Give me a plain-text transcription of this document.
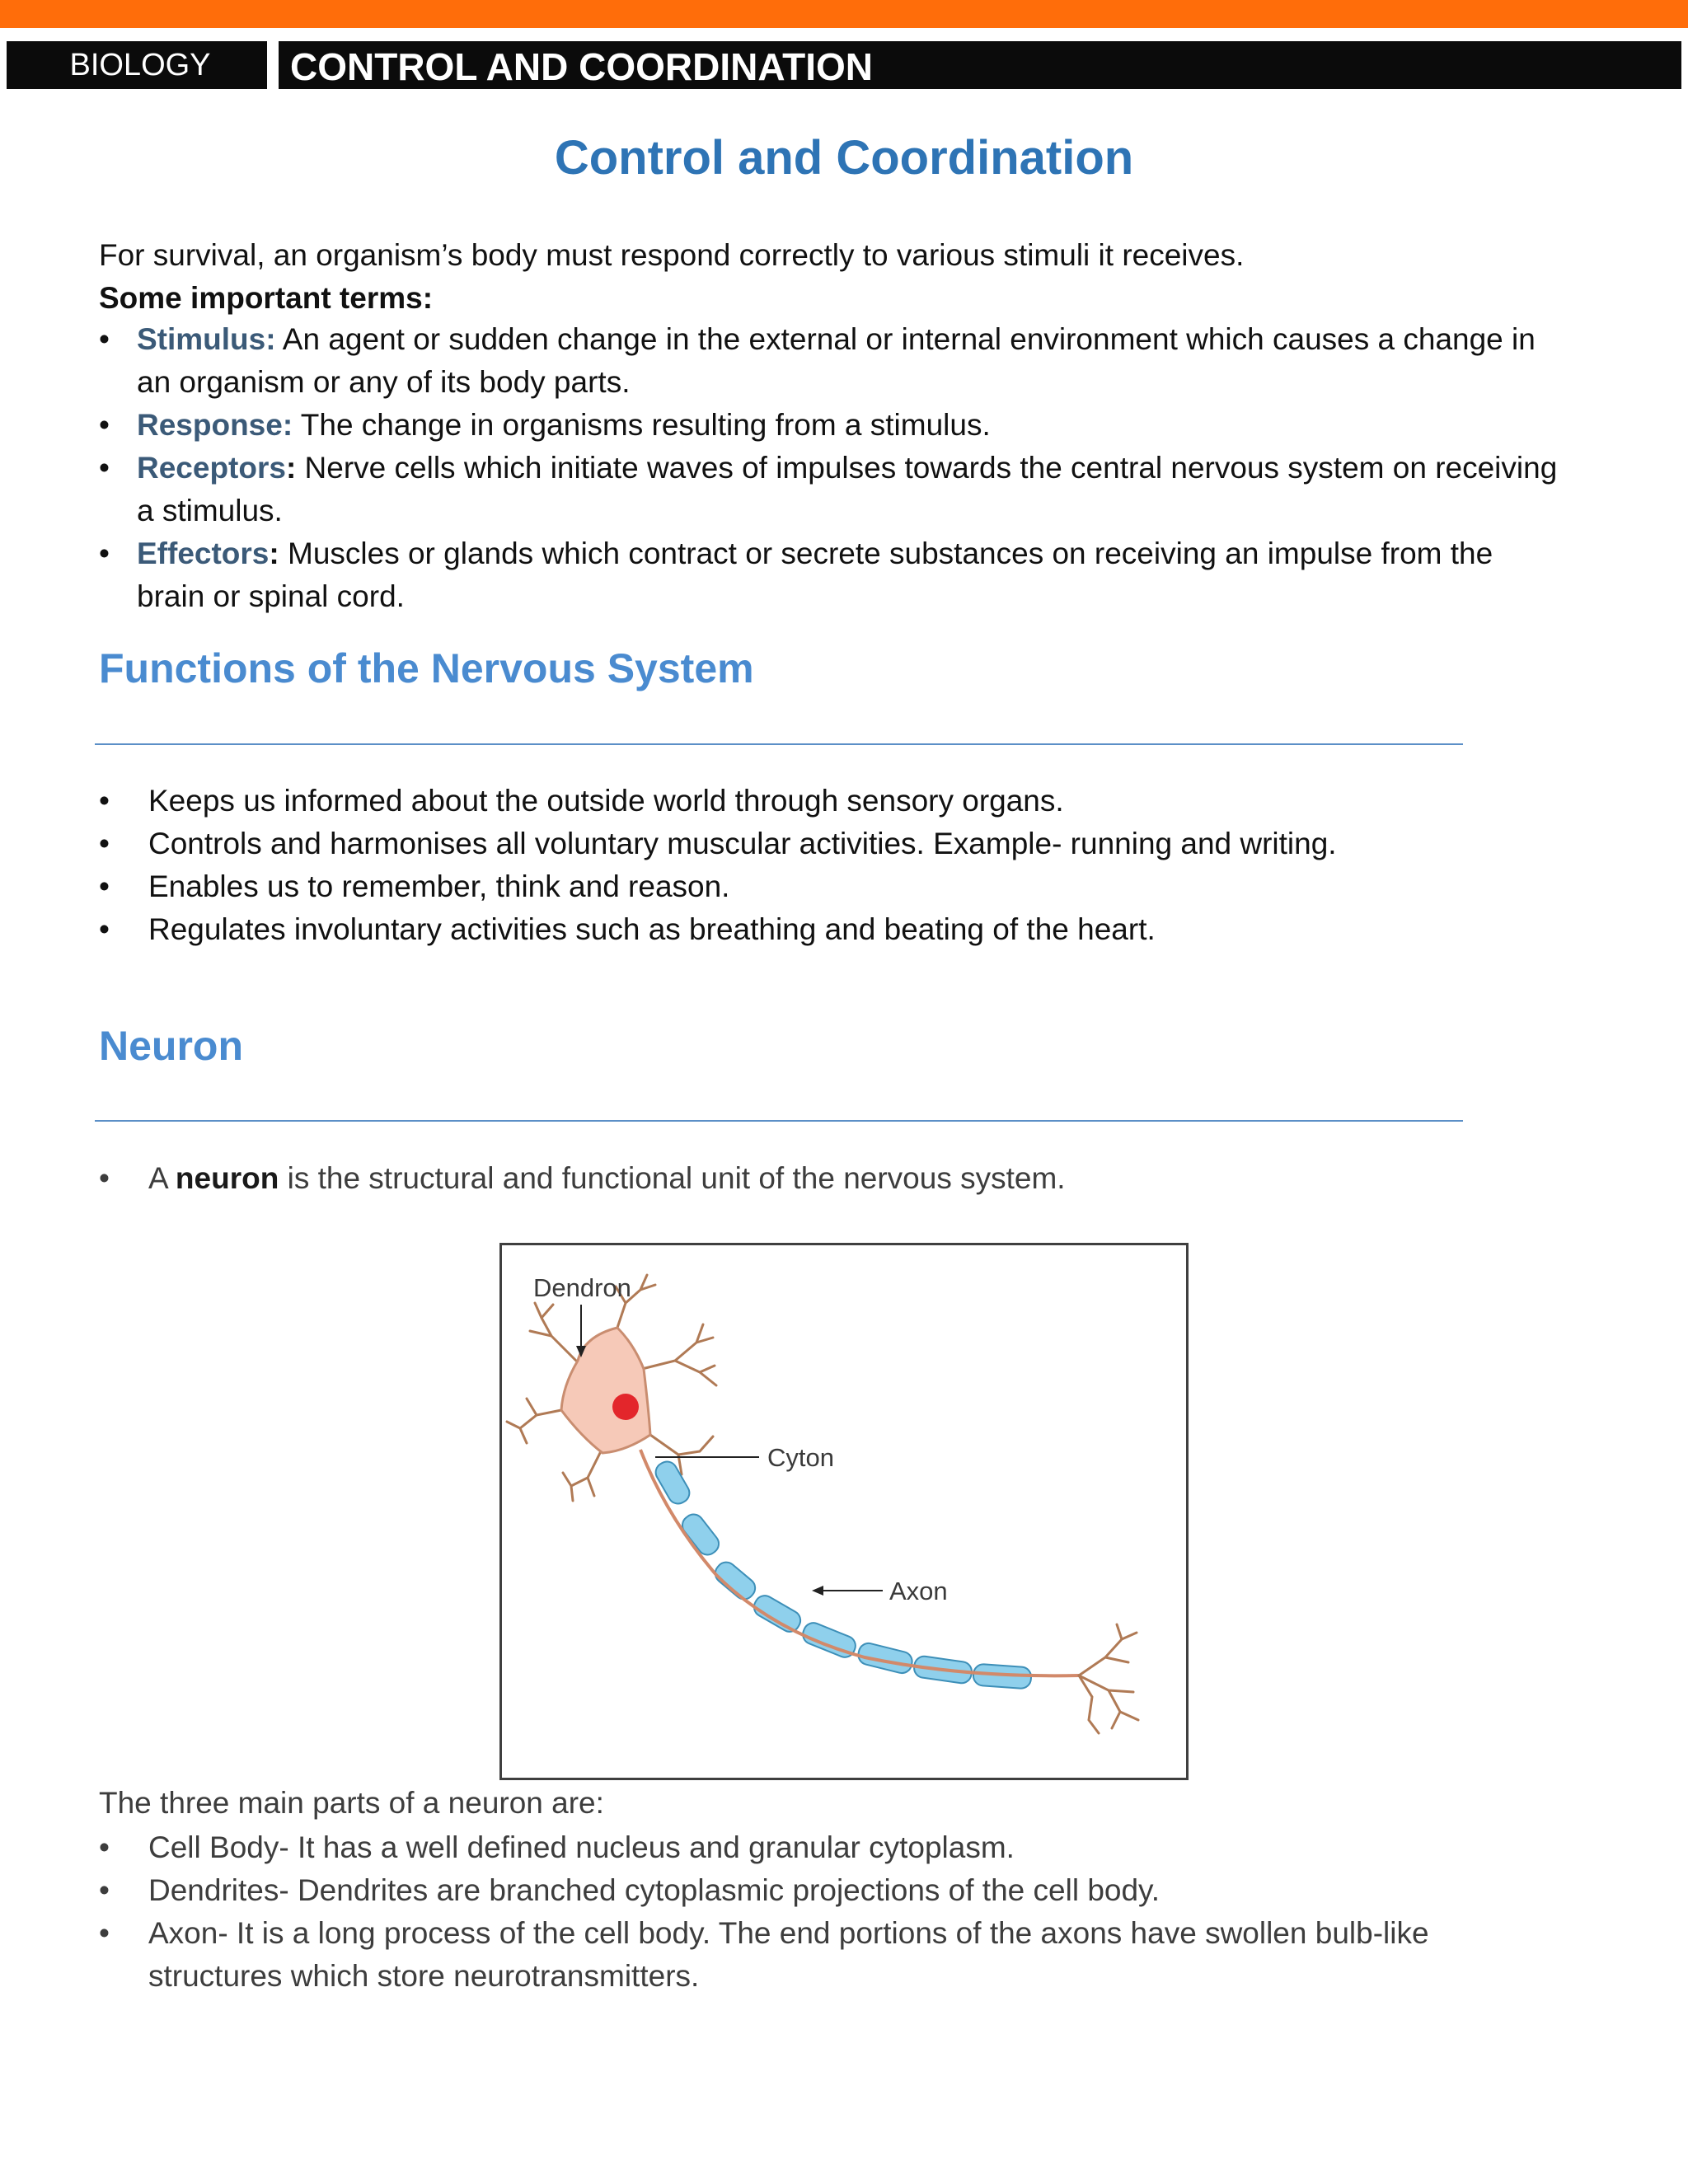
BIOLOGY	CONTROL AND COORDINATION
Control and Coordination
For survival, an organism’s body must respond correctly to various stimuli it receives.
Some important terms:
• Stimulus: An agent or sudden change in the external or internal environment which causes a change in an organism or any of its body parts.
• Response: The change in organisms resulting from a stimulus.
• Receptors: Nerve cells which initiate waves of impulses towards the central nervous system on receiving a stimulus.
• Effectors: Muscles or glands which contract or secrete substances on receiving an impulse from the brain or spinal cord.
Functions of the Nervous System
• Keeps us informed about the outside world through sensory organs.
• Controls and harmonises all voluntary muscular activities. Example- running and writing.
• Enables us to remember, think and reason.
• Regulates involuntary activities such as breathing and beating of the heart.
Neuron
• A neuron is the structural and functional unit of the nervous system.
Dendron
Cyton
Axon
The three main parts of a neuron are:
• Cell Body- It has a well defined nucleus and granular cytoplasm.
• Dendrites- Dendrites are branched cytoplasmic projections of the cell body.
• Axon- It is a long process of the cell body. The end portions of the axons have swollen bulb-like structures which store neurotransmitters.
